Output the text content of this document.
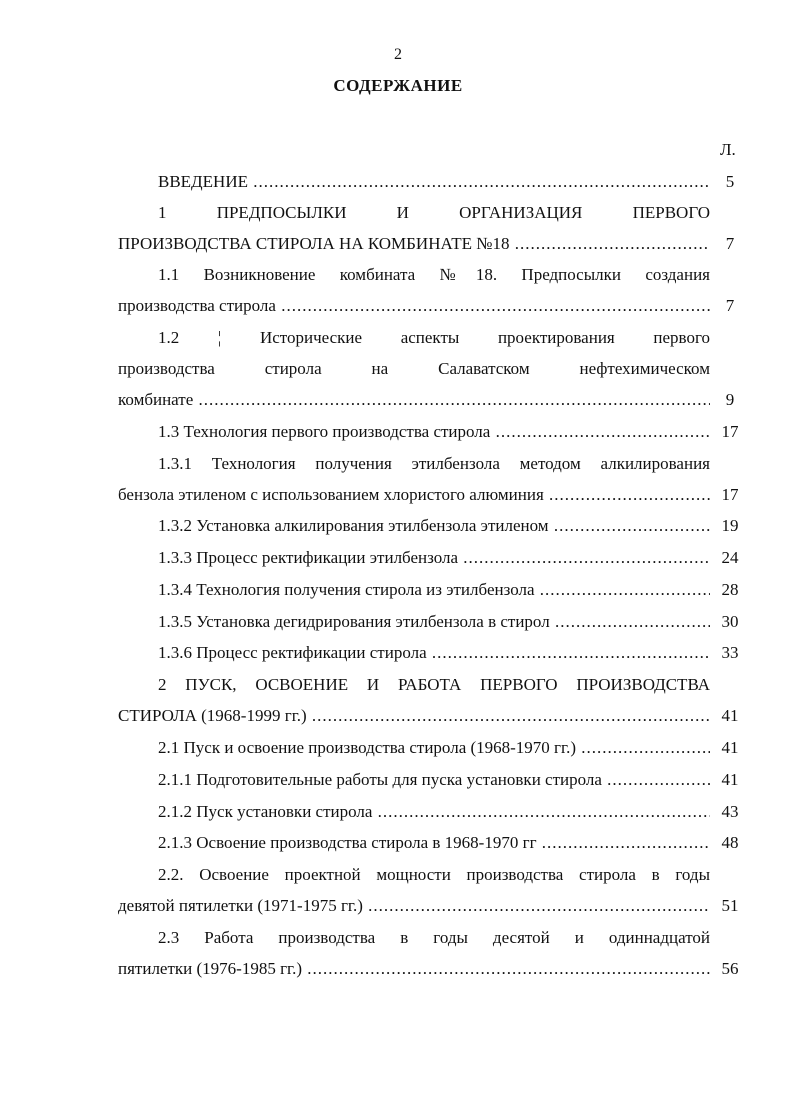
2
СОДЕРЖАНИЕ
Л.
ВВЕДЕНИЕ .....	5
1 ПРЕДПОСЫЛКИ И ОРГАНИЗАЦИЯ ПЕРВОГО
ПРОИЗВОДСТВА СТИРОЛА НА КОМБИНАТЕ №18 .....	7
1.1 Возникновение комбината №18. Предпосылки создания
производства стирола .....	7
1.2 ¦ Исторические аспекты проектирования первого
производства стирола на Салаватском нефтехимическом
комбинате .....	9
1.3 Технология первого производства стирола .....	17
1.3.1 Технология получения этилбензола методом алкилирования
бензола этиленом с использованием хлористого алюминия .....	17
1.3.2 Установка алкилирования этилбензола этиленом .....	19
1.3.3 Процесс ректификации этилбензола .....	24
1.3.4 Технология получения стирола из этилбензола .....	28
1.3.5 Установка дегидрирования этилбензола в стирол .....	30
1.3.6 Процесс ректификации стирола .....	33
2 ПУСК, ОСВОЕНИЕ И РАБОТА ПЕРВОГО ПРОИЗВОДСТВА
СТИРОЛА (1968-1999 гг.) .....	41
2.1 Пуск и освоение производства стирола (1968-1970 гг.) .....	41
2.1.1 Подготовительные работы для пуска установки стирола .....	41
2.1.2 Пуск установки стирола .....	43
2.1.3 Освоение производства стирола в 1968-1970 гг .....	48
2.2. Освоение проектной мощности производства стирола в годы
девятой пятилетки (1971-1975 гг.) .....	51
2.3 Работа производства в годы десятой и одиннадцатой
пятилетки (1976-1985 гг.) .....	56
